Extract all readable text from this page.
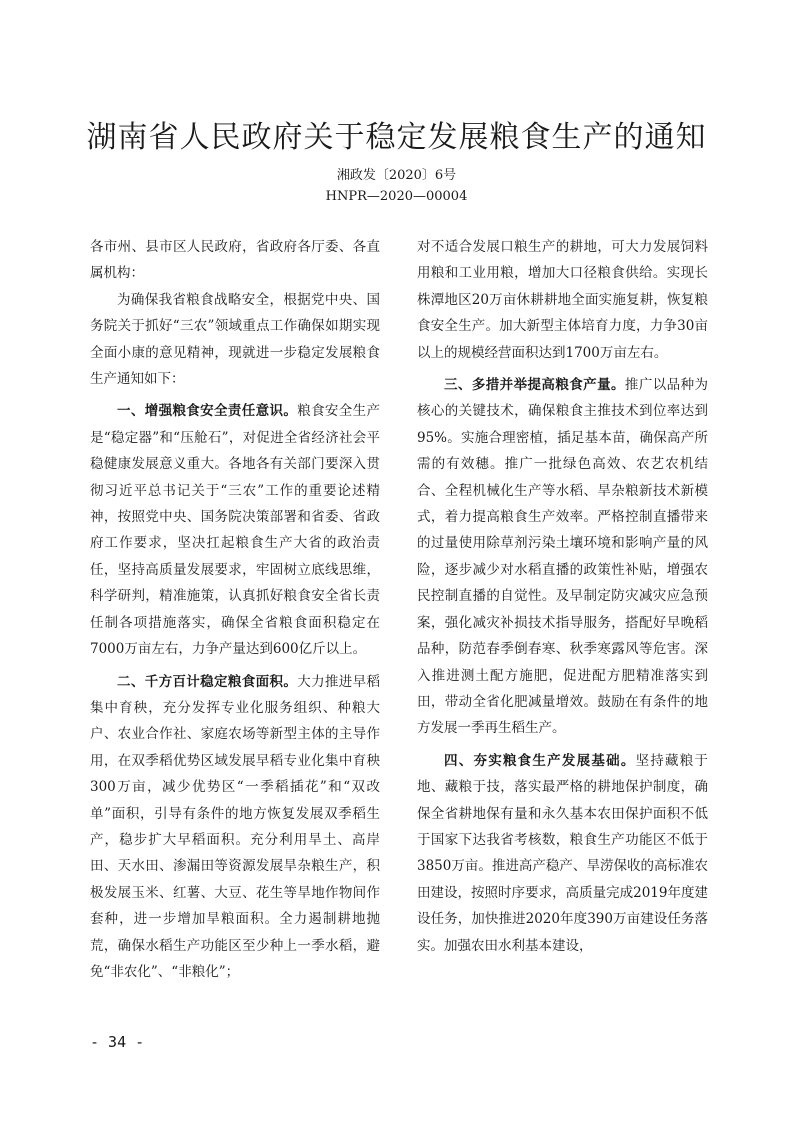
湖南省人民政府关于稳定发展粮食生产的通知
湘政发〔2020〕6号
HNPR—2020—00004

各市州、县市区人民政府，省政府各厅委、各直属机构：

为确保我省粮食战略安全，根据党中央、国务院关于抓好“三农”领域重点工作确保如期实现全面小康的意见精神，现就进一步稳定发展粮食生产通知如下：

一、增强粮食安全责任意识。粮食安全生产是“稳定器”和“压舱石”，对促进全省经济社会平稳健康发展意义重大。各地各有关部门要深入贯彻习近平总书记关于“三农”工作的重要论述精神，按照党中央、国务院决策部署和省委、省政府工作要求，坚决扛起粮食生产大省的政治责任，坚持高质量发展要求，牢固树立底线思维，科学研判，精准施策，认真抓好粮食安全省长责任制各项措施落实，确保全省粮食面积稳定在7000万亩左右，力争产量达到600亿斤以上。

二、千方百计稳定粮食面积。大力推进早稻集中育秧，充分发挥专业化服务组织、种粮大户、农业合作社、家庭农场等新型主体的主导作用，在双季稻优势区域发展早稻专业化集中育秧300万亩，减少优势区“一季稻插花”和“双改单”面积，引导有条件的地方恢复发展双季稻生产，稳步扩大早稻面积。充分利用旱土、高岸田、天水田、渗漏田等资源发展旱杂粮生产，积极发展玉米、红薯、大豆、花生等旱地作物间作套种，进一步增加旱粮面积。全力遏制耕地抛荒，确保水稻生产功能区至少种上一季水稻，避免“非农化”、“非粮化”；

对不适合发展口粮生产的耕地，可大力发展饲料用粮和工业用粮，增加大口径粮食供给。实现长株潭地区20万亩休耕耕地全面实施复耕，恢复粮食安全生产。加大新型主体培育力度，力争30亩以上的规模经营面积达到1700万亩左右。

三、多措并举提高粮食产量。推广以品种为核心的关键技术，确保粮食主推技术到位率达到95%。实施合理密植，插足基本苗，确保高产所需的有效穗。推广一批绿色高效、农艺农机结合、全程机械化生产等水稻、旱杂粮新技术新模式，着力提高粮食生产效率。严格控制直播带来的过量使用除草剂污染土壤环境和影响产量的风险，逐步减少对水稻直播的政策性补贴，增强农民控制直播的自觉性。及早制定防灾减灾应急预案，强化减灾补损技术指导服务，搭配好早晚稻品种，防范春季倒春寒、秋季寒露风等危害。深入推进测土配方施肥，促进配方肥精准落实到田，带动全省化肥减量增效。鼓励在有条件的地方发展一季再生稻生产。

四、夯实粮食生产发展基础。坚持藏粮于地、藏粮于技，落实最严格的耕地保护制度，确保全省耕地保有量和永久基本农田保护面积不低于国家下达我省考核数，粮食生产功能区不低于3850万亩。推进高产稳产、旱涝保收的高标准农田建设，按照时序要求，高质量完成2019年度建设任务，加快推进2020年度390万亩建设任务落实。加强农田水利基本建设，

- 34 -
